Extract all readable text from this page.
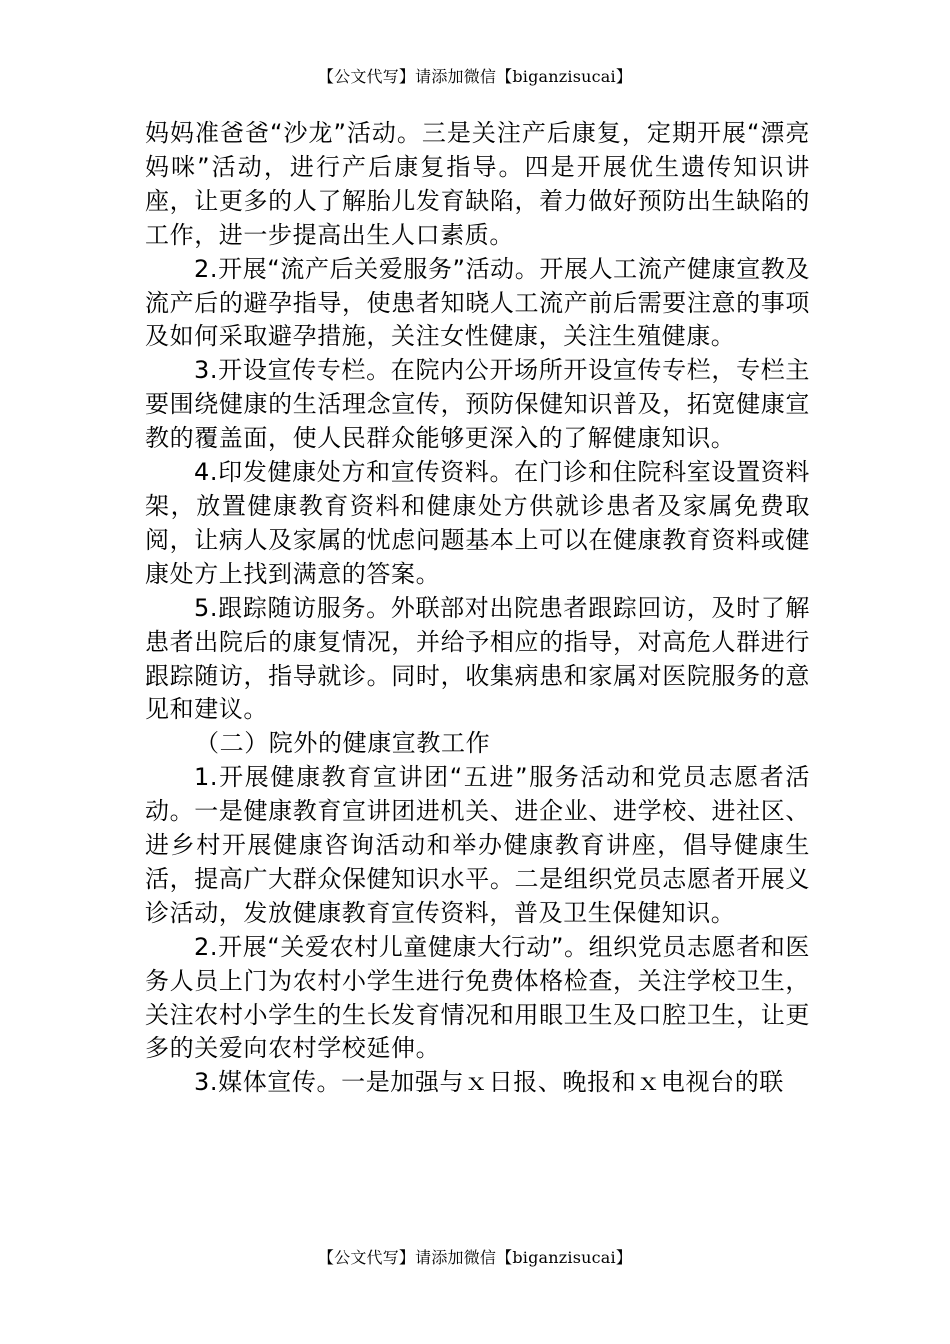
【公文代写】请添加微信【biganzisucai】

妈妈准爸爸“沙龙”活动。三是关注产后康复，定期开展“漂亮妈咪”活动，进行产后康复指导。四是开展优生遗传知识讲座，让更多的人了解胎儿发育缺陷，着力做好预防出生缺陷的工作，进一步提高出生人口素质。

2.开展“流产后关爱服务”活动。开展人工流产健康宣教及流产后的避孕指导，使患者知晓人工流产前后需要注意的事项及如何采取避孕措施，关注女性健康，关注生殖健康。

3.开设宣传专栏。在院内公开场所开设宣传专栏，专栏主要围绕健康的生活理念宣传，预防保健知识普及，拓宽健康宣教的覆盖面，使人民群众能够更深入的了解健康知识。

4.印发健康处方和宣传资料。在门诊和住院科室设置资料架，放置健康教育资料和健康处方供就诊患者及家属免费取阅，让病人及家属的忧虑问题基本上可以在健康教育资料或健康处方上找到满意的答案。

5.跟踪随访服务。外联部对出院患者跟踪回访，及时了解患者出院后的康复情况，并给予相应的指导，对高危人群进行跟踪随访，指导就诊。同时，收集病患和家属对医院服务的意见和建议。

（二）院外的健康宣教工作

1.开展健康教育宣讲团“五进”服务活动和党员志愿者活动。一是健康教育宣讲团进机关、进企业、进学校、进社区、进乡村开展健康咨询活动和举办健康教育讲座，倡导健康生活，提高广大群众保健知识水平。二是组织党员志愿者开展义诊活动，发放健康教育宣传资料，普及卫生保健知识。

2.开展“关爱农村儿童健康大行动”。组织党员志愿者和医务人员上门为农村小学生进行免费体格检查，关注学校卫生，关注农村小学生的生长发育情况和用眼卫生及口腔卫生，让更多的关爱向农村学校延伸。

3.媒体宣传。一是加强与ｘ日报、晚报和ｘ电视台的联

【公文代写】请添加微信【biganzisucai】
